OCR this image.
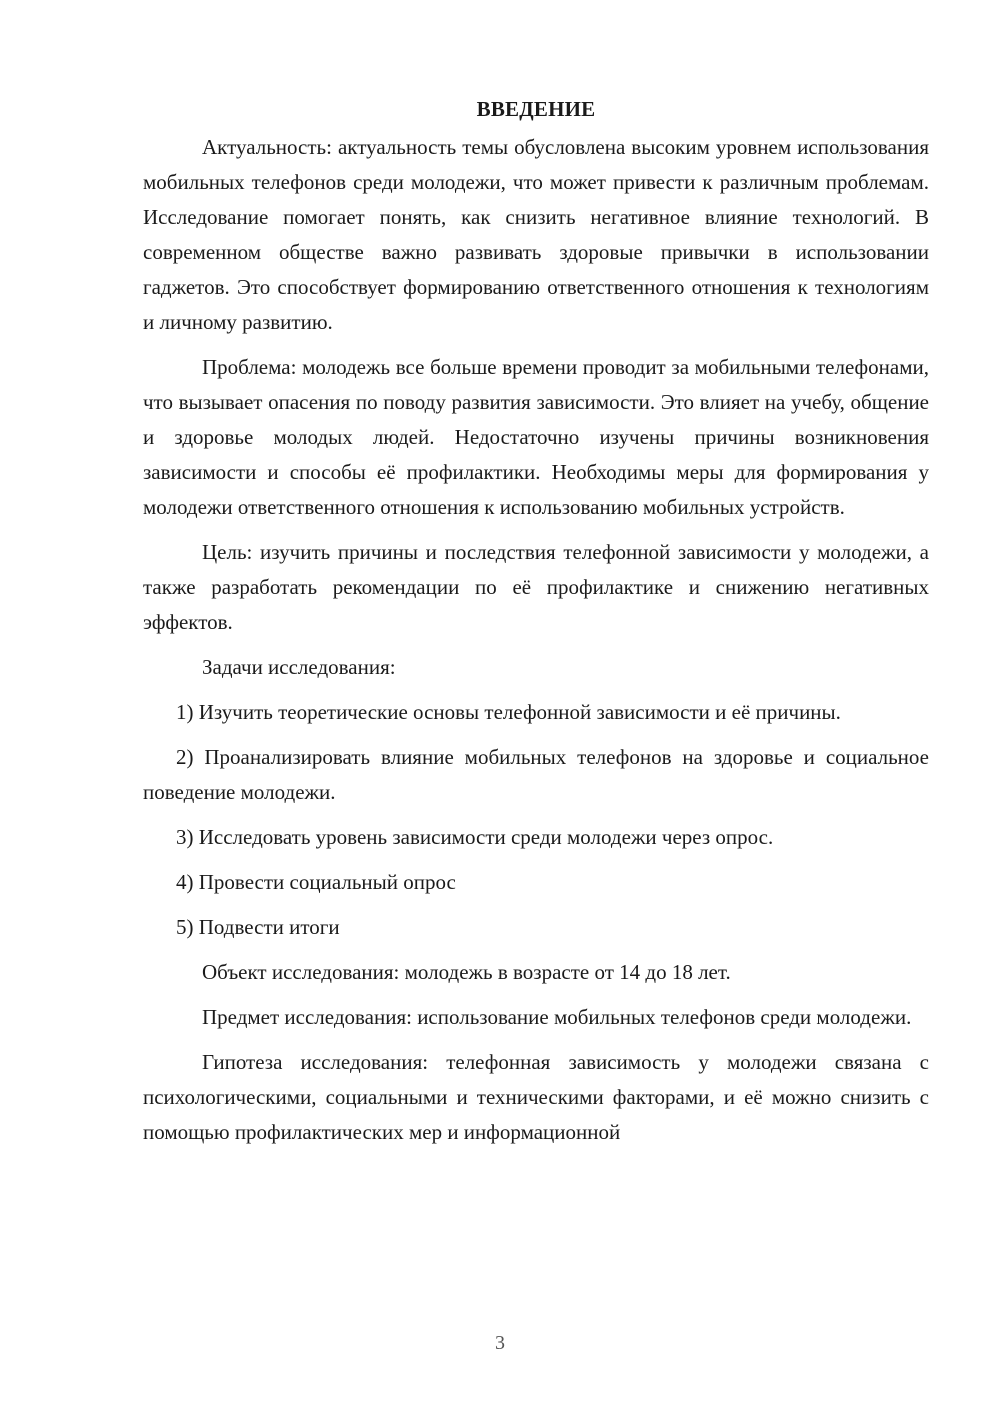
ВВЕДЕНИЕ

Актуальность: актуальность темы обусловлена высоким уровнем использования мобильных телефонов среди молодежи, что может привести к различным проблемам. Исследование помогает понять, как снизить негативное влияние технологий. В современном обществе важно развивать здоровые привычки в использовании гаджетов. Это способствует формированию ответственного отношения к технологиям и личному развитию.

Проблема: молодежь все больше времени проводит за мобильными телефонами, что вызывает опасения по поводу развития зависимости. Это влияет на учебу, общение и здоровье молодых людей. Недостаточно изучены причины возникновения зависимости и способы её профилактики. Необходимы меры для формирования у молодежи ответственного отношения к использованию мобильных устройств.

Цель: изучить причины и последствия телефонной зависимости у молодежи, а также разработать рекомендации по её профилактике и снижению негативных эффектов.

Задачи исследования:

1) Изучить теоретические основы телефонной зависимости и её причины.

2) Проанализировать влияние мобильных телефонов на здоровье и социальное поведение молодежи.

3) Исследовать уровень зависимости среди молодежи через опрос.

4) Провести социальный опрос

5) Подвести итоги

Объект исследования: молодежь в возрасте от 14 до 18 лет.

Предмет исследования: использование мобильных телефонов среди молодежи.

Гипотеза исследования: телефонная зависимость у молодежи связана с психологическими, социальными и техническими факторами, и её можно снизить с помощью профилактических мер и информационной

3
